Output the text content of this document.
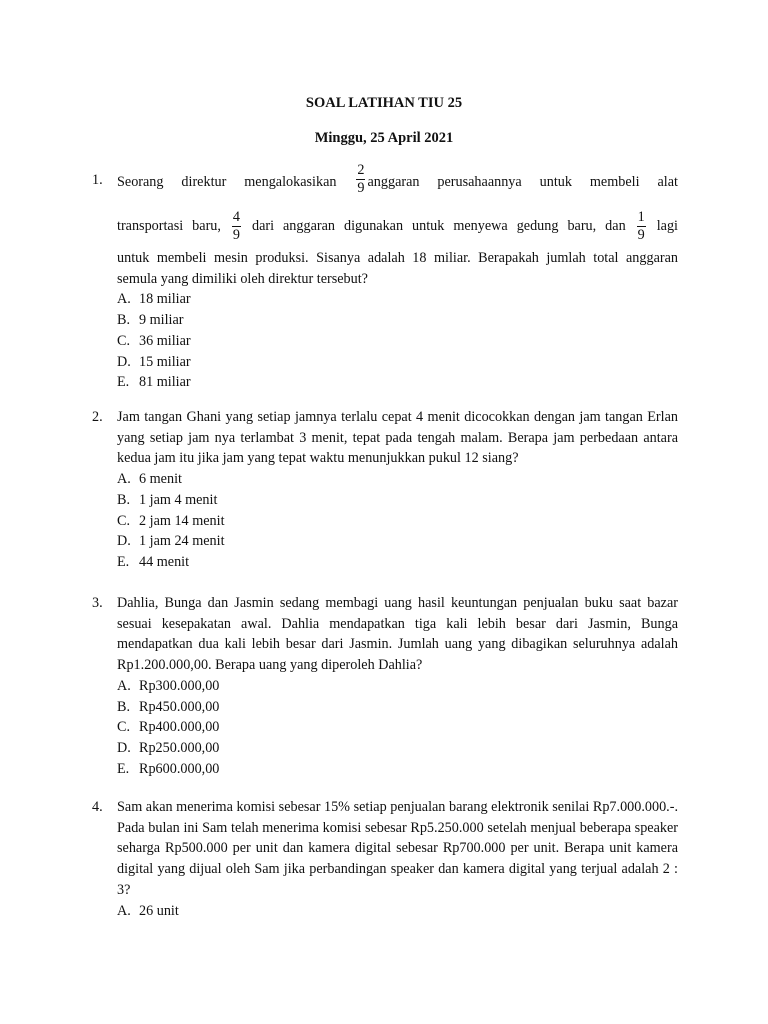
SOAL LATIHAN TIU 25
Minggu, 25 April 2021
1. Seorang direktur mengalokasikan $\frac{2}{9}$ anggaran perusahaannya untuk membeli alat
transportasi baru, $\frac{4}{9}$ dari anggaran digunakan untuk menyewa gedung baru, dan $\frac{1}{9}$ lagi
untuk membeli mesin produksi. Sisanya adalah 18 miliar. Berapakah jumlah total anggaran semula yang dimiliki oleh direktur tersebut?
A. 18 miliar
B. 9 miliar
C. 36 miliar
D. 15 miliar
E. 81 miliar
2. Jam tangan Ghani yang setiap jamnya terlalu cepat 4 menit dicocokkan dengan jam tangan Erlan yang setiap jam nya terlambat 3 menit, tepat pada tengah malam. Berapa jam perbedaan antara kedua jam itu jika jam yang tepat waktu menunjukkan pukul 12 siang?
A. 6 menit
B. 1 jam 4 menit
C. 2 jam 14 menit
D. 1 jam 24 menit
E. 44 menit
3. Dahlia, Bunga dan Jasmin sedang membagi uang hasil keuntungan penjualan buku saat bazar sesuai kesepakatan awal. Dahlia mendapatkan tiga kali lebih besar dari Jasmin, Bunga mendapatkan dua kali lebih besar dari Jasmin. Jumlah uang yang dibagikan seluruhnya adalah Rp1.200.000,00. Berapa uang yang diperoleh Dahlia?
A. Rp300.000,00
B. Rp450.000,00
C. Rp400.000,00
D. Rp250.000,00
E. Rp600.000,00
4. Sam akan menerima komisi sebesar 15% setiap penjualan barang elektronik senilai Rp7.000.000.-. Pada bulan ini Sam telah menerima komisi sebesar Rp5.250.000 setelah menjual beberapa speaker seharga Rp500.000 per unit dan kamera digital sebesar Rp700.000 per unit. Berapa unit kamera digital yang dijual oleh Sam jika perbandingan speaker dan kamera digital yang terjual adalah 2 : 3?
A. 26 unit
